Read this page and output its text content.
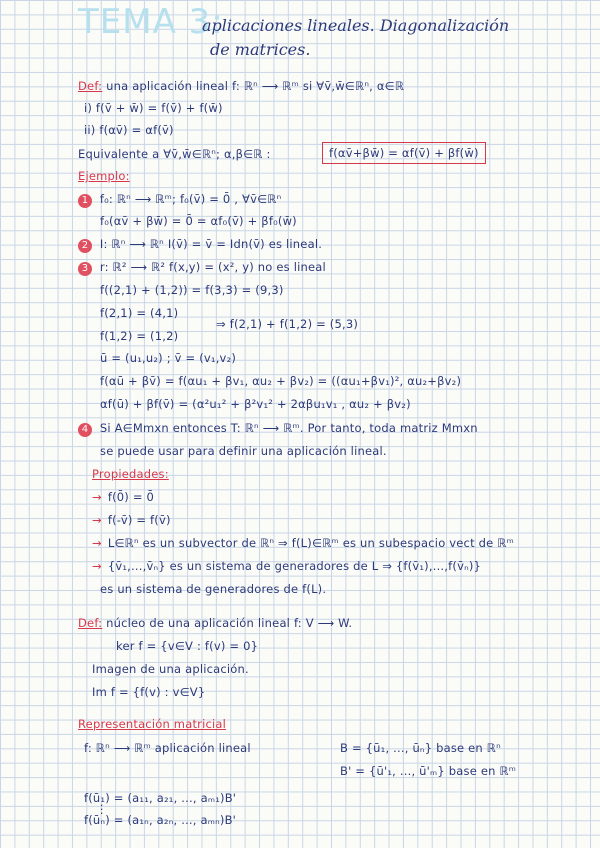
TEMA 3:
aplicaciones lineales. Diagonalización
de matrices.
Def: una aplicación lineal f: ℝⁿ ⟶ ℝᵐ si ∀v̄,w̄∈ℝⁿ, α∈ℝ
i) f(v̄ + w̄) = f(v̄) + f(w̄)
ii) f(αv̄) = αf(v̄)
Equivalente a ∀v̄,w̄∈ℝⁿ; α,β∈ℝ :	f(αv̄+βw̄) = αf(v̄) + βf(w̄)
Ejemplo:
1 f₀: ℝⁿ ⟶ ℝᵐ; f₀(v̄) = 0̄ , ∀v̄∈ℝⁿ
f₀(αv̄ + βw̄) = 0̄ = αf₀(v̄) + βf₀(w̄)
2 I: ℝⁿ ⟶ ℝⁿ I(v̄) = v̄ = Idn(v̄) es lineal.
3 r: ℝ² ⟶ ℝ² f(x,y) = (x², y) no es lineal
f((2,1) + (1,2)) = f(3,3) = (9,3)
f(2,1) = (4,1)
⇒ f(2,1) + f(1,2) = (5,3)
f(1,2) = (1,2)
ū = (u₁,u₂) ; v̄ = (v₁,v₂)
f(αū + βv̄) = f(αu₁ + βv₁, αu₂ + βv₂) = ((αu₁+βv₁)², αu₂+βv₂)
αf(ū) + βf(v̄) = (α²u₁² + β²v₁² + 2αβu₁v₁ , αu₂ + βv₂)
4 Si A∈Mmxn entonces T: ℝⁿ ⟶ ℝᵐ. Por tanto, toda matriz Mmxn
se puede usar para definir una aplicación lineal.
Propiedades:
→ f(0̄) = 0̄
→ f(-v̄) = f(v̄)
→ L∈ℝⁿ es un subvector de ℝⁿ ⇒ f(L)∈ℝᵐ es un subespacio vect de ℝᵐ
→ {v̄₁,...,v̄ₙ} es un sistema de generadores de L ⇒ {f(v̄₁),...,f(v̄ₙ)}
es un sistema de generadores de f(L).
Def: núcleo de una aplicación lineal f: V ⟶ W.
ker f = {v∈V : f(v) = 0}
Imagen de una aplicación.
Im f = {f(v) : v∈V}
Representación matricial
f: ℝⁿ ⟶ ℝᵐ aplicación lineal	B = {ū₁, ..., ūₙ} base en ℝⁿ
B' = {ū'₁, ..., ū'ₘ} base en ℝᵐ
f(ū₁) = (a₁₁, a₂₁, ..., aₘ₁)B'
⋮
f(ūₙ) = (a₁ₙ, a₂ₙ, ..., aₘₙ)B'
